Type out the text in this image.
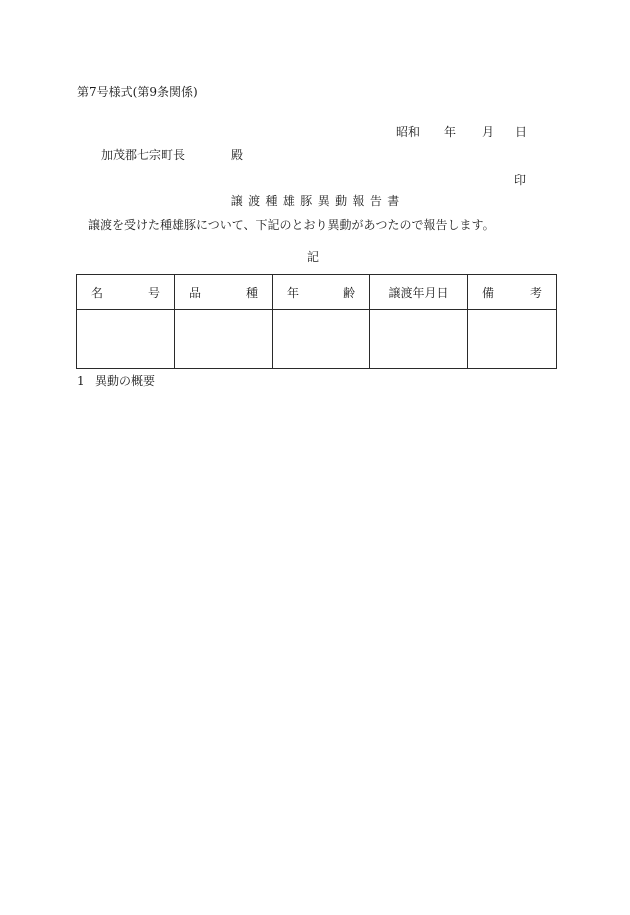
第7号様式(第9条関係)
昭和 年 月 日
加茂郡七宗町長	殿
印
譲渡種雄豚異動報告書
譲渡を受けた種雄豚について、下記のとおり異動があつたので報告します。
記
名 号	品 種	年 齢	譲渡年月日	備 考

1 異動の概要
